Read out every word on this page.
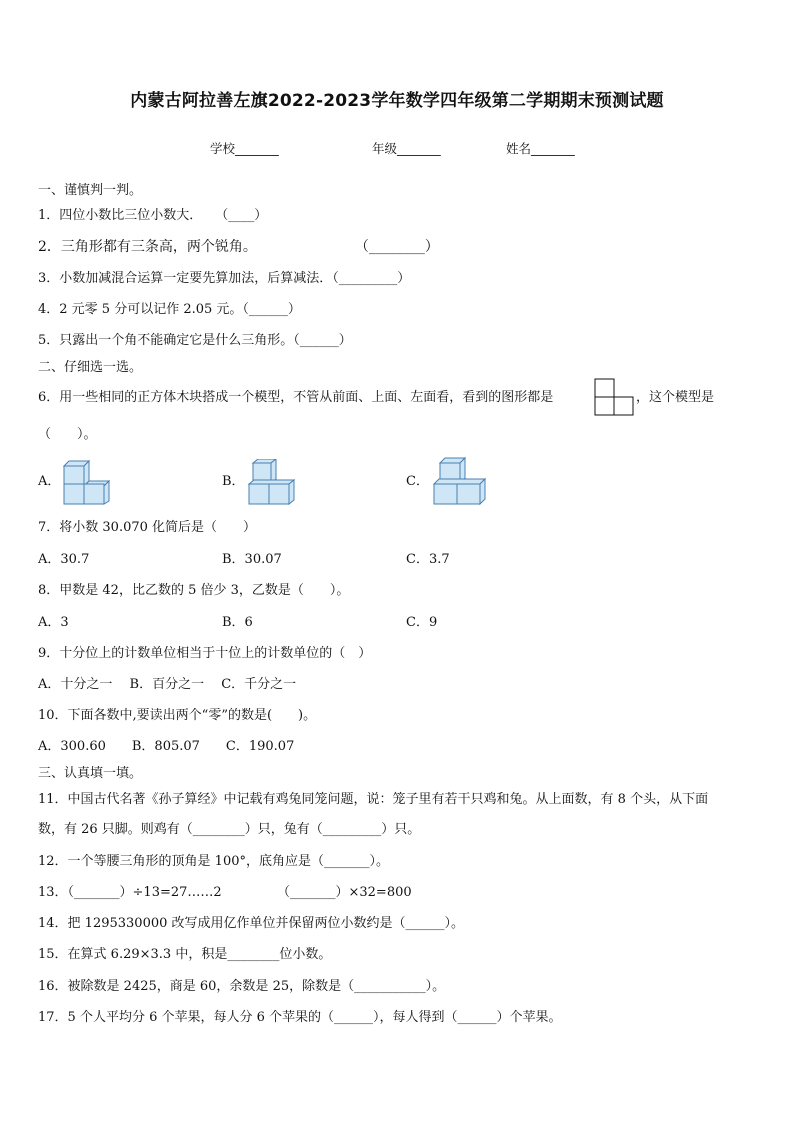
内蒙古阿拉善左旗2022-2023学年数学四年级第二学期期末预测试题
学校_______	年级_______	姓名_______
一、谨慎判一判。
1．四位小数比三位小数大．　　（____）
2．三角形都有三条高，两个锐角。　　　　　　　　（________）
3．小数加减混合运算一定要先算加法，后算减法．（_________）
4．2 元零 5 分可以记作 2.05 元。（______）
5．只露出一个角不能确定它是什么三角形。（______）
二、仔细选一选。
6．用一些相同的正方体木块搭成一个模型，不管从前面、上面、左面看，看到的图形都是	，这个模型是
（　　）。
A．	B．	C．
7．将小数 30.070 化简后是（　　）
A．30.7	B．30.07	C．3.7
8．甲数是 42，比乙数的 5 倍少 3，乙数是（　　）。
A．3	B．6	C．9
9．十分位上的计数单位相当于十位上的计数单位的（　）
A．十分之一　 B．百分之一　 C．千分之一
10．下面各数中,要读出两个“零”的数是(　　)。
A．300.60　　B．805.07　　C．190.07
三、认真填一填。
11．中国古代名著《孙子算经》中记载有鸡兔同笼问题，说：笼子里有若干只鸡和兔。从上面数，有 8 个头，从下面
数，有 26 只脚。则鸡有（________）只，兔有（_________）只。
12．一个等腰三角形的顶角是 100°，底角应是（_______）。
13．（_______）÷13=27……2	（_______）×32=800
14．把 1295330000 改写成用亿作单位并保留两位小数约是（______）。
15．在算式 6.29×3.3 中，积是________位小数。
16．被除数是 2425，商是 60，余数是 25，除数是（___________）。
17．5 个人平均分 6 个苹果，每人分 6 个苹果的（______），每人得到（______）个苹果。
